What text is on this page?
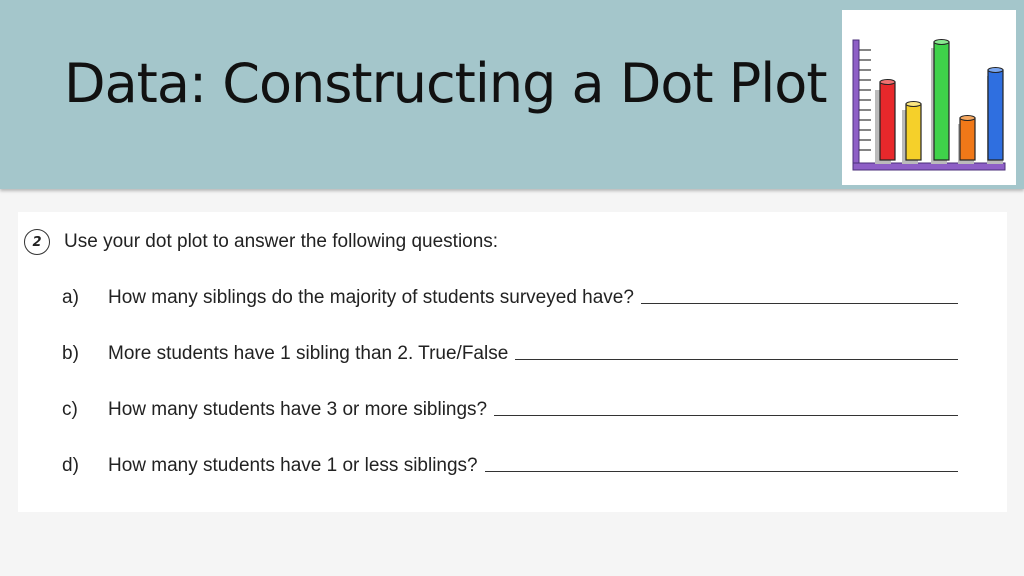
Data: Constructing a Dot Plot
2	Use your dot plot to answer the following questions:
a)	How many siblings do the majority of students surveyed have?
b)	More students have 1 sibling than 2. True/False
c)	How many students have 3 or more siblings?
d)	How many students have 1 or less siblings?
